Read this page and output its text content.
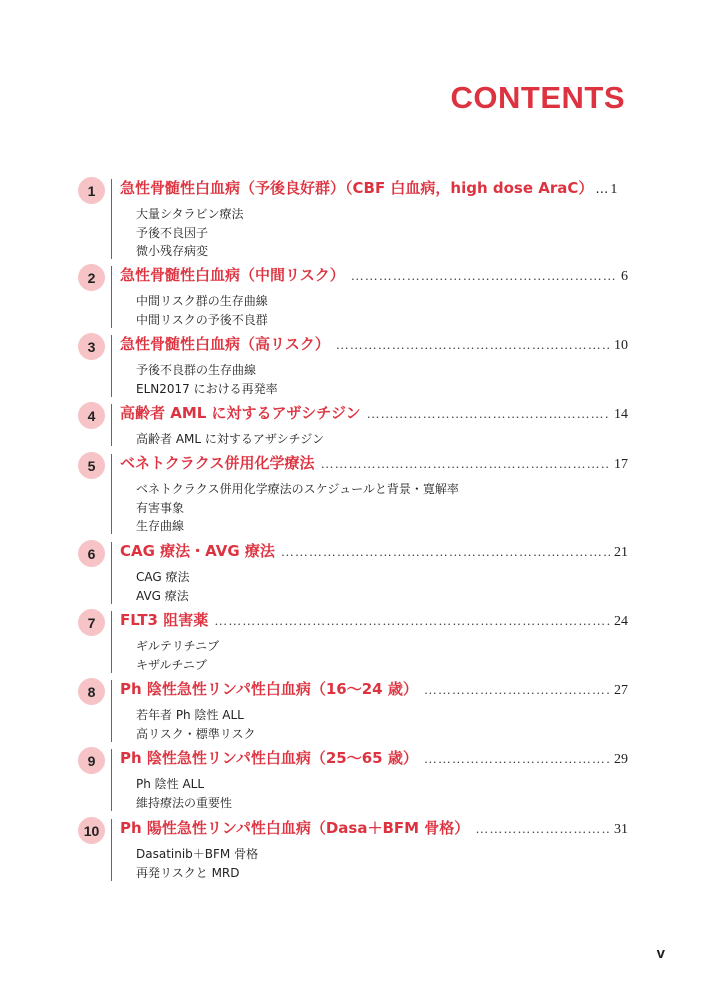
CONTENTS
1	急性骨髄性白血病（予後良好群）（CBF 白血病，high dose AraC） … 1
大量シタラビン療法
予後不良因子
微小残存病変
2	急性骨髄性白血病（中間リスク） ………………………………………………………………………………………………………………………………	6
中間リスク群の生存曲線
中間リスクの予後不良群
3	急性骨髄性白血病（高リスク） ………………………………………………………………………………………………………………………………	10
予後不良群の生存曲線
ELN2017 における再発率
4	高齢者 AML に対するアザシチジン ………………………………………………………………………………………………………………………………	14
高齢者 AML に対するアザシチジン
5	ベネトクラクス併用化学療法 ………………………………………………………………………………………………………………………………	17
ベネトクラクス併用化学療法のスケジュールと背景・寛解率
有害事象
生存曲線
6	CAG 療法・AVG 療法 ………………………………………………………………………………………………………………………………	21
CAG 療法
AVG 療法
7	FLT3 阻害薬 ………………………………………………………………………………………………………………………………	24
ギルテリチニブ
キザルチニブ
8	Ph 陰性急性リンパ性白血病（16〜24 歳） ………………………………………………………………………………………………………………………………	27
若年者 Ph 陰性 ALL
高リスク・標準リスク
9	Ph 陰性急性リンパ性白血病（25〜65 歳） ………………………………………………………………………………………………………………………………	29
Ph 陰性 ALL
維持療法の重要性
10	Ph 陽性急性リンパ性白血病（Dasa＋BFM 骨格） ………………………………………………………………………………………………………………………………	31
Dasatinib＋BFM 骨格
再発リスクと MRD
v
